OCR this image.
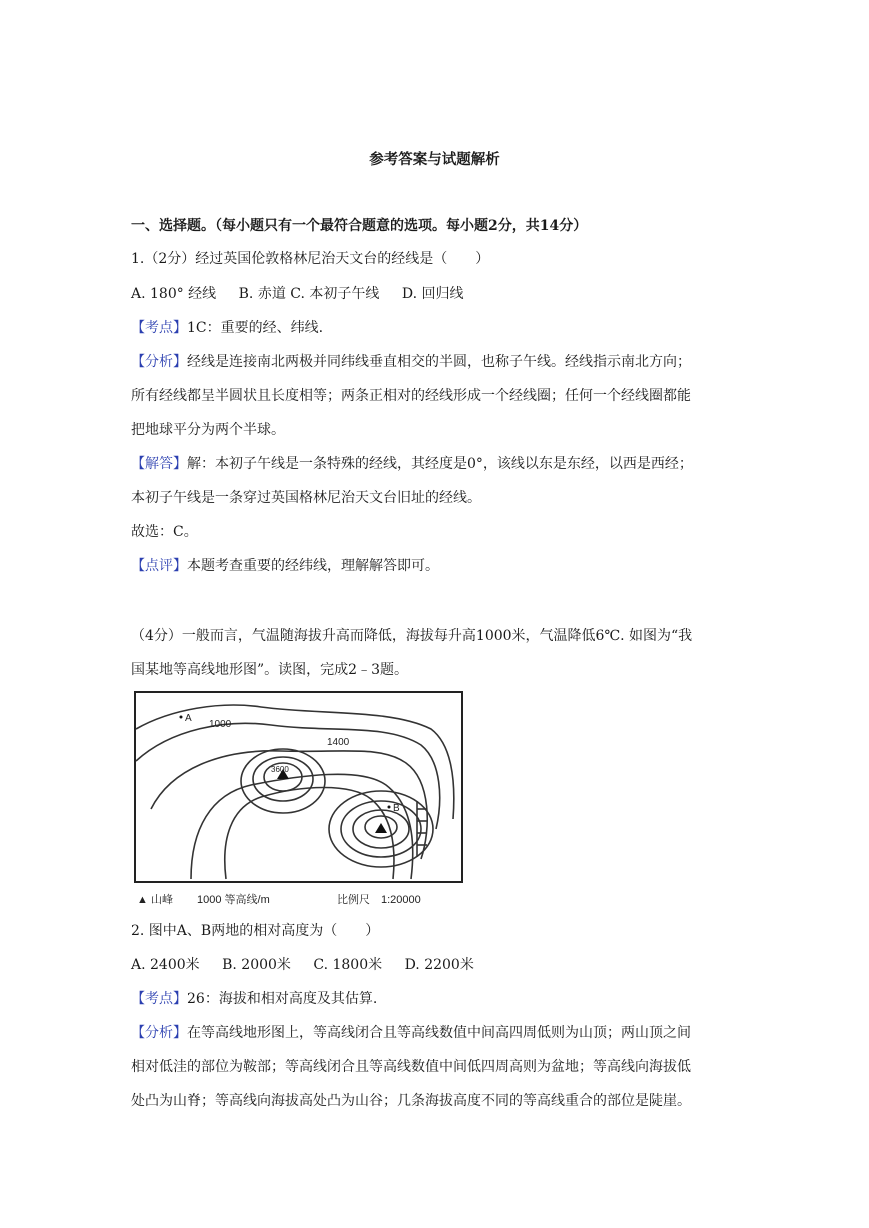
参考答案与试题解析
一、选择题。（每小题只有一个最符合题意的选项。每小题2分，共14分）
1.（2分）经过英国伦敦格林尼治天文台的经线是（　　）
A. 180° 经线 B. 赤道 C. 本初子午线 D. 回归线
【考点】1C：重要的经、纬线.
【分析】经线是连接南北两极并同纬线垂直相交的半圆，也称子午线。经线指示南北方向；
所有经线都呈半圆状且长度相等；两条正相对的经线形成一个经线圈；任何一个经线圈都能
把地球平分为两个半球。
【解答】解：本初子午线是一条特殊的经线，其经度是0°，该线以东是东经，以西是西经；
本初子午线是一条穿过英国格林尼治天文台旧址的经线。
故选：C。
【点评】本题考查重要的经纬线，理解解答即可。
（4分）一般而言，气温随海拔升高而降低，海拔每升高1000米，气温降低6℃. 如图为“我
国某地等高线地形图”。读图，完成2﹣3题。
A
1000
1400
3600
B
▲ 山峰 1000 等高线/m	比例尺　1:20000
2. 图中A、B两地的相对高度为（　　）
A. 2400米 B. 2000米 C. 1800米 D. 2200米
【考点】26：海拔和相对高度及其估算.
【分析】在等高线地形图上，等高线闭合且等高线数值中间高四周低则为山顶；两山顶之间
相对低洼的部位为鞍部；等高线闭合且等高线数值中间低四周高则为盆地；等高线向海拔低
处凸为山脊；等高线向海拔高处凸为山谷；几条海拔高度不同的等高线重合的部位是陡崖。
